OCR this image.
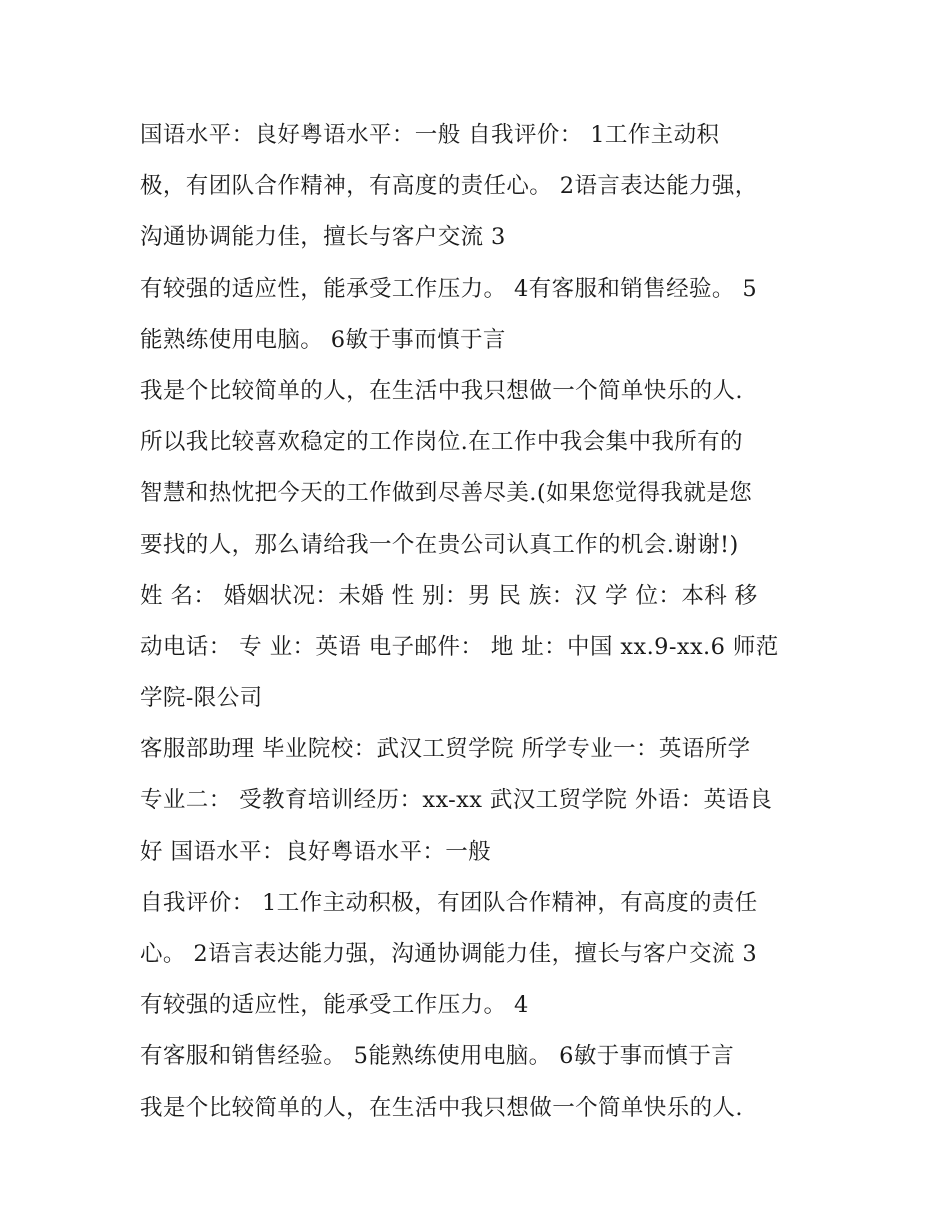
国语水平：良好粤语水平：一般 自我评价： 1工作主动积
极，有团队合作精神，有高度的责任心。 2语言表达能力强，
沟通协调能力佳，擅长与客户交流 3
有较强的适应性，能承受工作压力。 4有客服和销售经验。 5
能熟练使用电脑。 6敏于事而慎于言
我是个比较简单的人，在生活中我只想做一个简单快乐的人.
所以我比较喜欢稳定的工作岗位.在工作中我会集中我所有的
智慧和热忱把今天的工作做到尽善尽美.(如果您觉得我就是您
要找的人，那么请给我一个在贵公司认真工作的机会.谢谢!)
姓 名： 婚姻状况：未婚 性 别：男 民 族：汉 学 位：本科 移
动电话： 专 业：英语 电子邮件： 地 址：中国 xx.9-xx.6 师范
学院-限公司
客服部助理 毕业院校：武汉工贸学院 所学专业一：英语所学
专业二： 受教育培训经历：xx-xx 武汉工贸学院 外语：英语良
好 国语水平：良好粤语水平：一般
自我评价： 1工作主动积极，有团队合作精神，有高度的责任
心。 2语言表达能力强，沟通协调能力佳，擅长与客户交流 3
有较强的适应性，能承受工作压力。 4
有客服和销售经验。 5能熟练使用电脑。 6敏于事而慎于言
我是个比较简单的人，在生活中我只想做一个简单快乐的人.
